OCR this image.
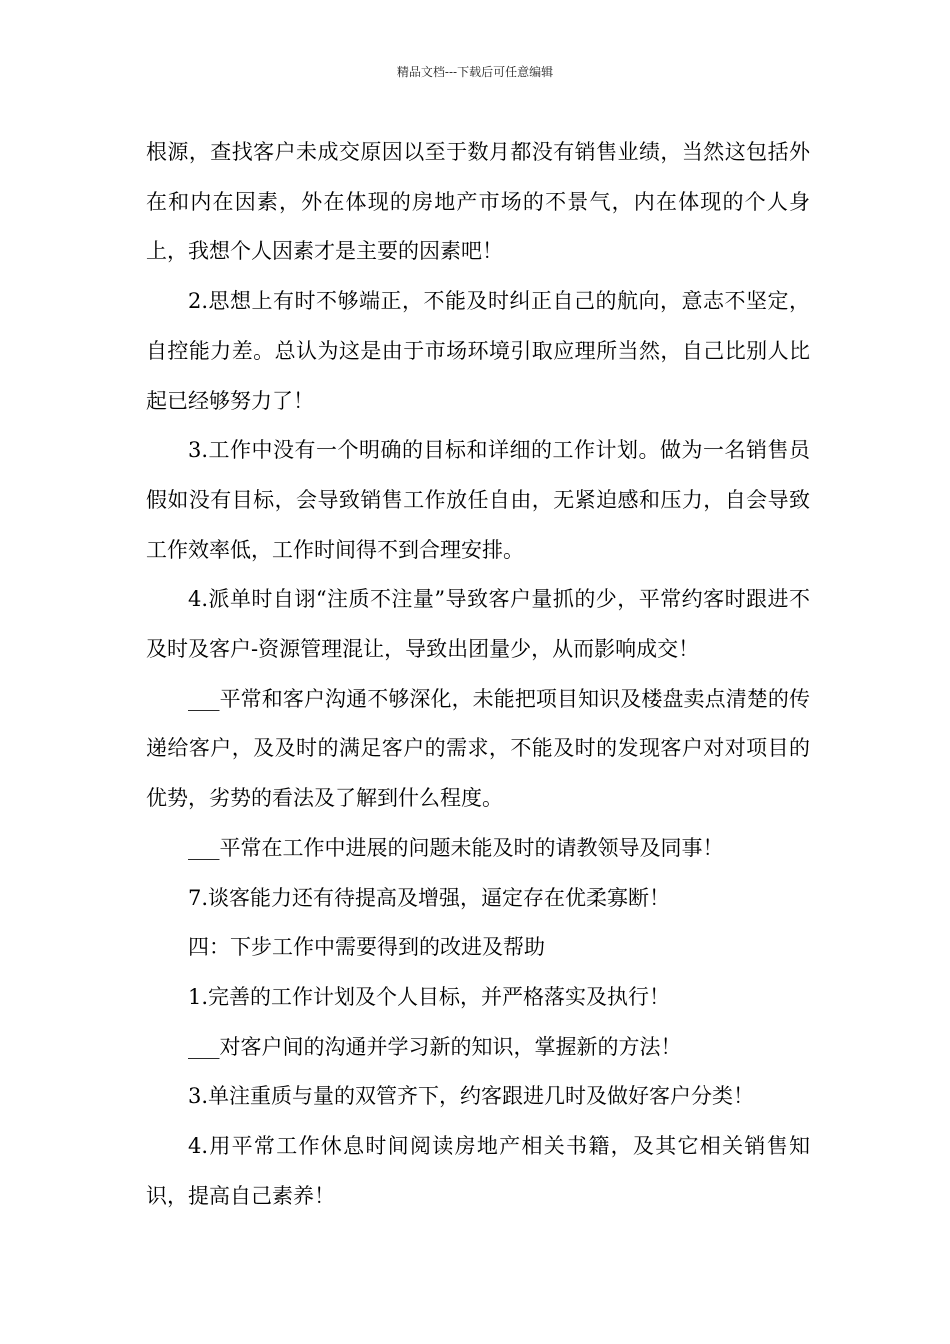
精品文档---下载后可任意编辑

根源，查找客户未成交原因以至于数月都没有销售业绩，当然这包括外在和内在因素，外在体现的房地产市场的不景气，内在体现的个人身上，我想个人因素才是主要的因素吧！

2.思想上有时不够端正，不能及时纠正自己的航向，意志不坚定，自控能力差。总认为这是由于市场环境引取应理所当然，自己比别人比起已经够努力了！

3.工作中没有一个明确的目标和详细的工作计划。做为一名销售员假如没有目标，会导致销售工作放任自由，无紧迫感和压力，自会导致工作效率低，工作时间得不到合理安排。

4.派单时自诩“注质不注量”导致客户量抓的少，平常约客时跟进不及时及客户-资源管理混让，导致出团量少，从而影响成交！

___平常和客户沟通不够深化，未能把项目知识及楼盘卖点清楚的传递给客户，及及时的满足客户的需求，不能及时的发现客户对对项目的优势，劣势的看法及了解到什么程度。

___平常在工作中进展的问题未能及时的请教领导及同事！

7.谈客能力还有待提高及增强，逼定存在优柔寡断！

四：下步工作中需要得到的改进及帮助

1.完善的工作计划及个人目标，并严格落实及执行！

___对客户间的沟通并学习新的知识，掌握新的方法！

3.单注重质与量的双管齐下，约客跟进几时及做好客户分类！

4.用平常工作休息时间阅读房地产相关书籍，及其它相关销售知识，提高自己素养！
